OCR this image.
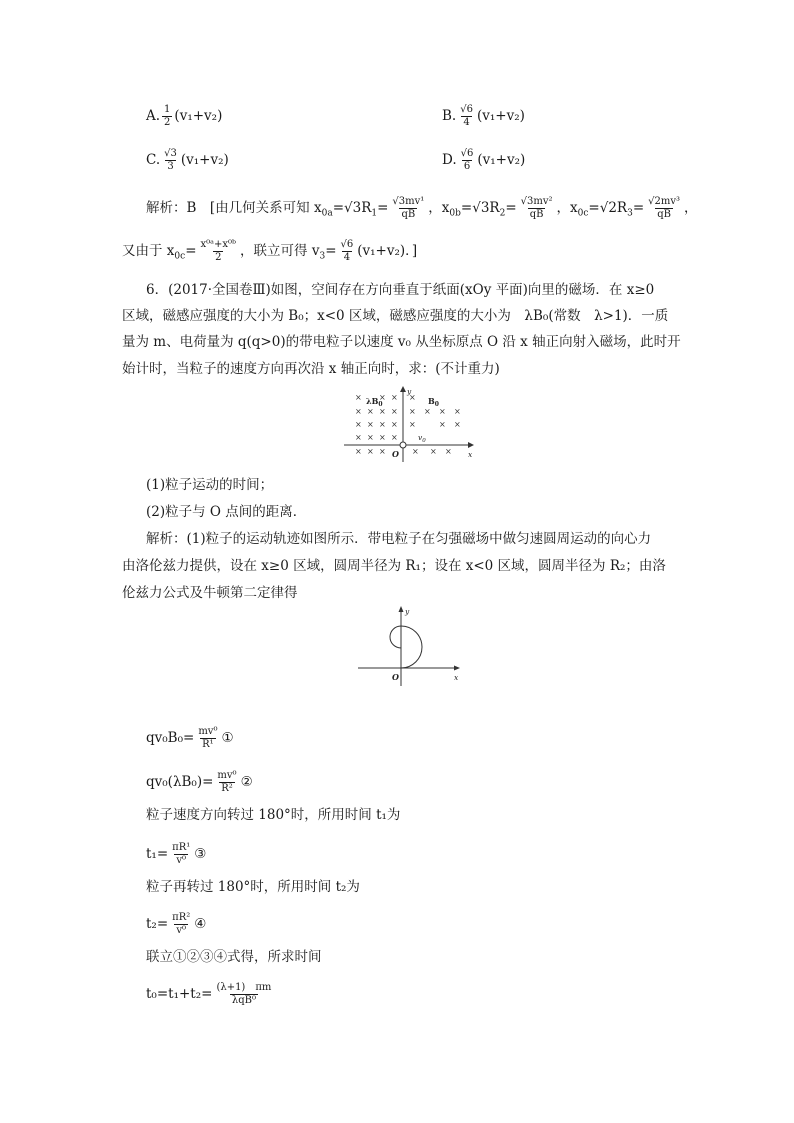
A. $\frac{1}{2} (v_1+v_2)$	B. $\frac{√6}{4} (v_1+v_2)$
C. $\frac{√3}{3} (v_1+v_2)$	D. $\frac{√6}{6} (v_1+v_2)$
解析：B　[由几何关系可知 $x_{0a}=√3R_1= \frac{\text{√3mv¹}}{qB}$ ，$x_{0b}=√3R_2= \frac{\text{√3mv²}}{qB}$ ，$x_{0c}=√2R_3= \frac{\text{√2mv³}}{qB}$ ，
又由于 $x_{0c}= \frac{\text{x⁰ᵃ+x⁰ᵇ}}{2}$ ，联立可得 $v_3= \frac{√6}{4} (v_1+v_2)$．]
6．(2017·全国卷Ⅲ)如图，空间存在方向垂直于纸面(xOy 平面)向里的磁场．在 x≥0
区域，磁感应强度的大小为 B₀；x<0 区域，磁感应强度的大小为　λB₀(常数　λ>1)．一质
量为 m、电荷量为 q(q>0)的带电粒子以速度 v₀ 从坐标原点 O 沿 x 轴正向射入磁场，此时开
始计时，当粒子的速度方向再次沿 x 轴正向时，求：(不计重力)
× × × × × × × ×
× × × ×
× × × × ×	× ×
× × × ×
× × ×	× × ×
$\lambda B_0$	$B_0$
$v_0$
y
x
O
(1)粒子运动的时间；
(2)粒子与 O 点间的距离．
解析：(1)粒子的运动轨迹如图所示．带电粒子在匀强磁场中做匀速圆周运动的向心力
由洛伦兹力提供，设在 x≥0 区域，圆周半径为 R₁；设在 x<0 区域，圆周半径为 R₂；由洛
伦兹力公式及牛顿第二定律得
y
x
O
$qv_0B_0= \frac{\text{mv⁰}}{\text{R¹}}$ ①
$qv_0(\lambda B_0)= \frac{\text{mv⁰}}{\text{R²}}$ ②
粒子速度方向转过 180°时，所用时间 t₁为
$t_1= \frac{\text{πR¹}}{\text{v⁰}}$ ③
粒子再转过 180°时，所用时间 t₂为
$t_2= \frac{\text{πR²}}{\text{v⁰}}$ ④
联立①②③④式得，所求时间
$t_0=t_1+t_2= \frac{(\lambda+1) \pi m}{\text{λqB⁰}}$
